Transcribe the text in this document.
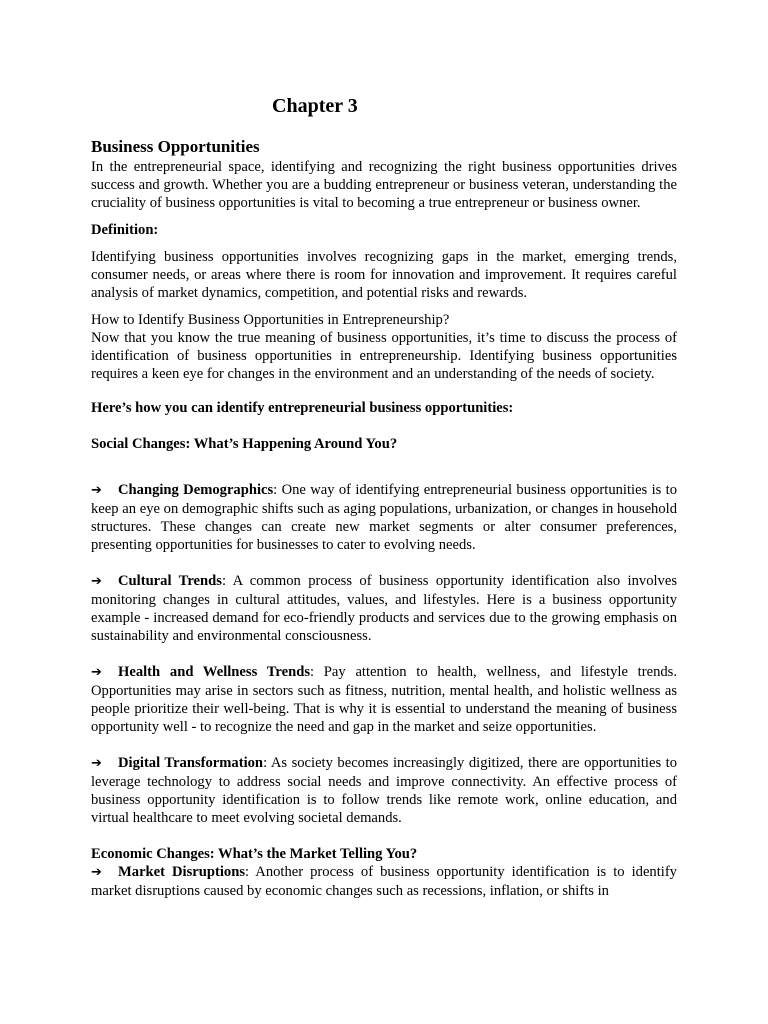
Chapter 3
Business Opportunities

In the entrepreneurial space, identifying and recognizing the right business opportunities drives success and growth. Whether you are a budding entrepreneur or business veteran, understanding the cruciality of business opportunities is vital to becoming a true entrepreneur or business owner.

Definition:

Identifying business opportunities involves recognizing gaps in the market, emerging trends, consumer needs, or areas where there is room for innovation and improvement. It requires careful analysis of market dynamics, competition, and potential risks and rewards.

How to Identify Business Opportunities in Entrepreneurship?

Now that you know the true meaning of business opportunities, it’s time to discuss the process of identification of business opportunities in entrepreneurship. Identifying business opportunities requires a keen eye for changes in the environment and an understanding of the needs of society.

Here’s how you can identify entrepreneurial business opportunities:

Social Changes: What’s Happening Around You?

➔ Changing Demographics: One way of identifying entrepreneurial business opportunities is to keep an eye on demographic shifts such as aging populations, urbanization, or changes in household structures. These changes can create new market segments or alter consumer preferences, presenting opportunities for businesses to cater to evolving needs.

➔ Cultural Trends: A common process of business opportunity identification also involves monitoring changes in cultural attitudes, values, and lifestyles. Here is a business opportunity example - increased demand for eco-friendly products and services due to the growing emphasis on sustainability and environmental consciousness.

➔ Health and Wellness Trends: Pay attention to health, wellness, and lifestyle trends. Opportunities may arise in sectors such as fitness, nutrition, mental health, and holistic wellness as people prioritize their well-being. That is why it is essential to understand the meaning of business opportunity well - to recognize the need and gap in the market and seize opportunities.

➔ Digital Transformation: As society becomes increasingly digitized, there are opportunities to leverage technology to address social needs and improve connectivity. An effective process of business opportunity identification is to follow trends like remote work, online education, and virtual healthcare to meet evolving societal demands.

Economic Changes: What’s the Market Telling You?

➔ Market Disruptions: Another process of business opportunity identification is to identify market disruptions caused by economic changes such as recessions, inflation, or shifts in
